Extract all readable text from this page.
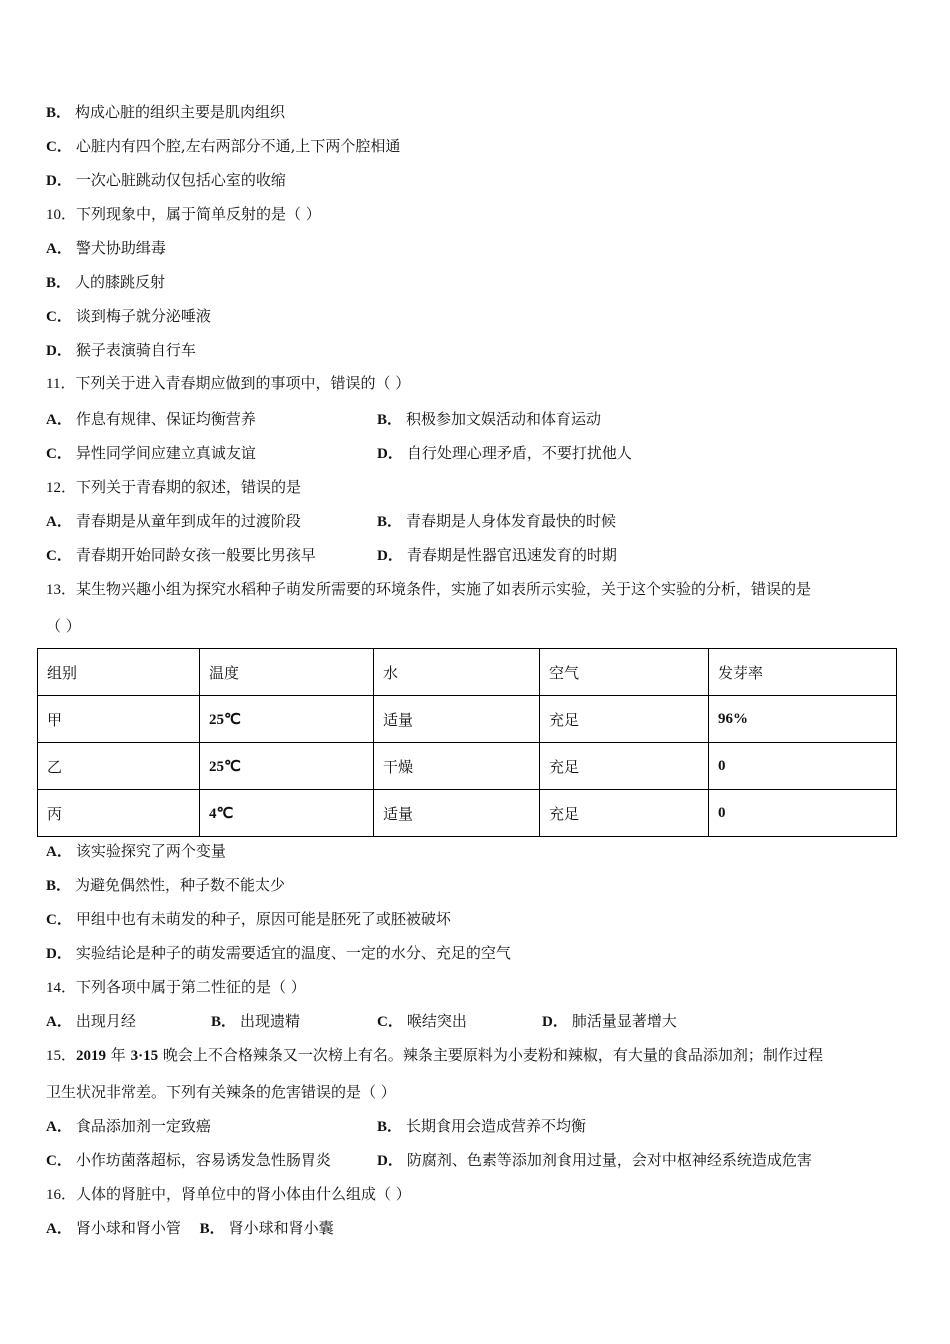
B． 构成心脏的组织主要是肌肉组织
C． 心脏内有四个腔,左右两部分不通,上下两个腔相通
D． 一次心脏跳动仅包括心室的收缩
10．下列现象中，属于简单反射的是（ ）
A． 警犬协助缉毒
B． 人的膝跳反射
C． 谈到梅子就分泌唾液
D． 猴子表演骑自行车
11．下列关于进入青春期应做到的事项中，错误的（ ）
A． 作息有规律、保证均衡营养	B． 积极参加文娱活动和体育运动
C． 异性同学间应建立真诚友谊	D． 自行处理心理矛盾，不要打扰他人
12．下列关于青春期的叙述，错误的是
A． 青春期是从童年到成年的过渡阶段	B． 青春期是人身体发育最快的时候
C． 青春期开始同龄女孩一般要比男孩早	D． 青春期是性器官迅速发育的时期
13．某生物兴趣小组为探究水稻种子萌发所需要的环境条件，实施了如表所示实验，关于这个实验的分析，错误的是
（ ）
组别	温度	水	空气	发芽率
甲	25℃	适量	充足	96%
乙	25℃	干燥	充足	0
丙	4℃	适量	充足	0
A． 该实验探究了两个变量
B． 为避免偶然性，种子数不能太少
C． 甲组中也有未萌发的种子，原因可能是胚死了或胚被破坏
D． 实验结论是种子的萌发需要适宜的温度、一定的水分、充足的空气
14．下列各项中属于第二性征的是（ ）
A． 出现月经	B． 出现遗精	C． 喉结突出	D． 肺活量显著增大
15．2019 年 3·15 晚会上不合格辣条又一次榜上有名。辣条主要原料为小麦粉和辣椒，有大量的食品添加剂；制作过程
卫生状况非常差。下列有关辣条的危害错误的是（ ）
A． 食品添加剂一定致癌	B． 长期食用会造成营养不均衡
C． 小作坊菌落超标，容易诱发急性肠胃炎	D． 防腐剂、色素等添加剂食用过量，会对中枢神经系统造成危害
16．人体的肾脏中，肾单位中的肾小体由什么组成（ ）
A． 肾小球和肾小管 B． 肾小球和肾小囊
